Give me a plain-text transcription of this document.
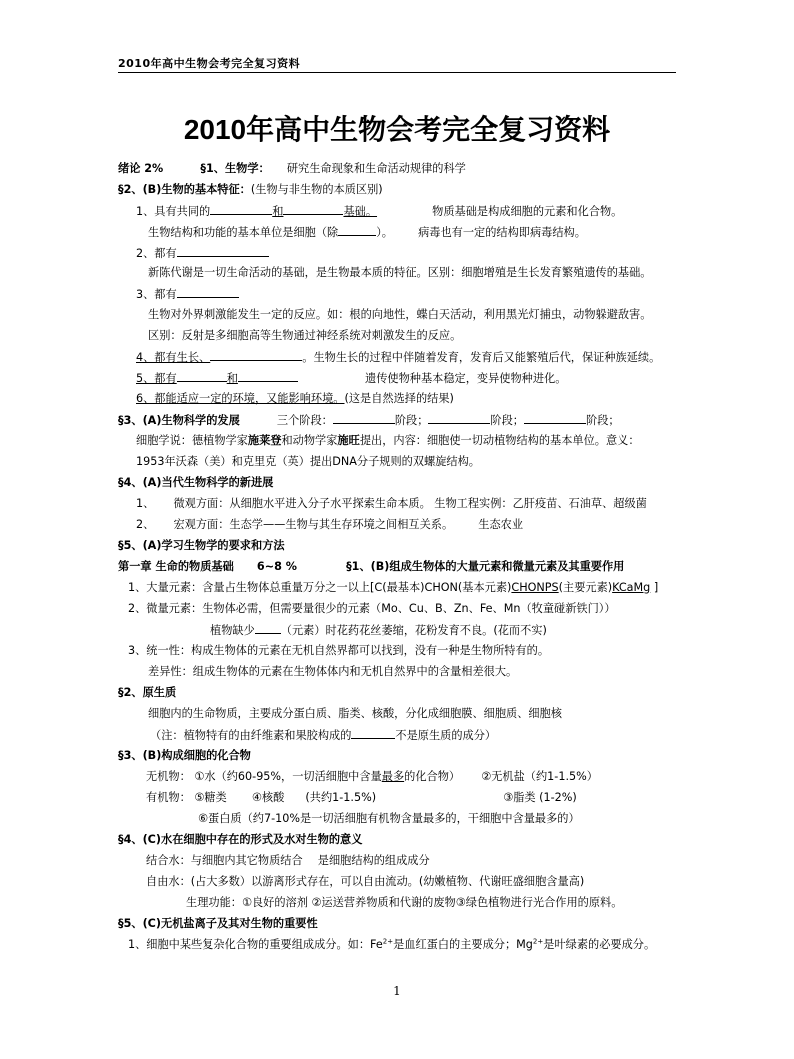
2010年高中生物会考完全复习资料
2010年高中生物会考完全复习资料
绪论 2%	§1、生物学： 研究生命现象和生命活动规律的科学
§2、(B)生物的基本特征：(生物与非生物的本质区别)
1、具有共同的	和	基础。	物质基础是构成细胞的元素和化合物。
生物结构和功能的基本单位是细胞（除	）。 病毒也有一定的结构即病毒结构。
2、都有
新陈代谢是一切生命活动的基础，是生物最本质的特征。区别：细胞增殖是生长发育繁殖遗传的基础。
3、都有
生物对外界刺激能发生一定的反应。如：根的向地性，蝶白天活动，利用黑光灯捕虫，动物躲避敌害。
区别：反射是多细胞高等生物通过神经系统对刺激发生的反应。
4、都有生长、	。生物生长的过程中伴随着发育，发育后又能繁殖后代，保证种族延续。
5、都有	和	遗传使物种基本稳定，变异使物种进化。
6、都能适应一定的环境，又能影响环境。(这是自然选择的结果)
§3、(A)生物科学的发展	三个阶段：	阶段；	阶段；	阶段；
细胞学说：德植物学家施莱登和动物学家施旺提出，内容：细胞使一切动植物结构的基本单位。意义：
1953年沃森（美）和克里克（英）提出DNA分子规则的双螺旋结构。
§4、(A)当代生物科学的新进展
1、 微观方面：从细胞水平进入分子水平探索生命本质。 生物工程实例：乙肝疫苗、石油草、超级菌
2、 宏观方面：生态学——生物与其生存环境之间相互关系。 生态农业
§5、(A)学习生物学的要求和方法
第一章 生命的物质基础 6~8 %	§1、(B)组成生物体的大量元素和微量元素及其重要作用
1、大量元素：含量占生物体总重量万分之一以上[C(最基本)CHON(基本元素)CHONPS(主要元素)KCaMg ]
2、微量元素：生物体必需，但需要量很少的元素（Mo、Cu、B、Zn、Fe、Mn（牧童碰新铁门））
植物缺少 （元素）时花药花丝萎缩，花粉发育不良。(花而不实)
3、统一性：构成生物体的元素在无机自然界都可以找到，没有一种是生物所特有的。
差异性：组成生物体的元素在生物体体内和无机自然界中的含量相差很大。
§2、原生质
细胞内的生命物质，主要成分蛋白质、脂类、核酸，分化成细胞膜、细胞质、细胞核
（注：植物特有的由纤维素和果胶构成的	不是原生质的成分）
§3、(B)构成细胞的化合物
无机物： ①水（约60-95%，一切活细胞中含量最多的化合物） ②无机盐（约1-1.5%）
有机物： ⑤糖类 ④核酸 (共约1-1.5%)	③脂类 (1-2%)
⑥蛋白质（约7-10%是一切活细胞有机物含量最多的，干细胞中含量最多的）
§4、(C)水在细胞中存在的形式及水对生物的意义
结合水：与细胞内其它物质结合 是细胞结构的组成成分
自由水：(占大多数）以游离形式存在，可以自由流动。(幼嫩植物、代谢旺盛细胞含量高)
生理功能：①良好的溶剂 ②运送营养物质和代谢的废物③绿色植物进行光合作用的原料。
§5、(C)无机盐离子及其对生物的重要性
1、细胞中某些复杂化合物的重要组成成分。如：$Fe^{2+}$是血红蛋白的主要成分；$Mg^{2+}$是叶绿素的必要成分。
1
